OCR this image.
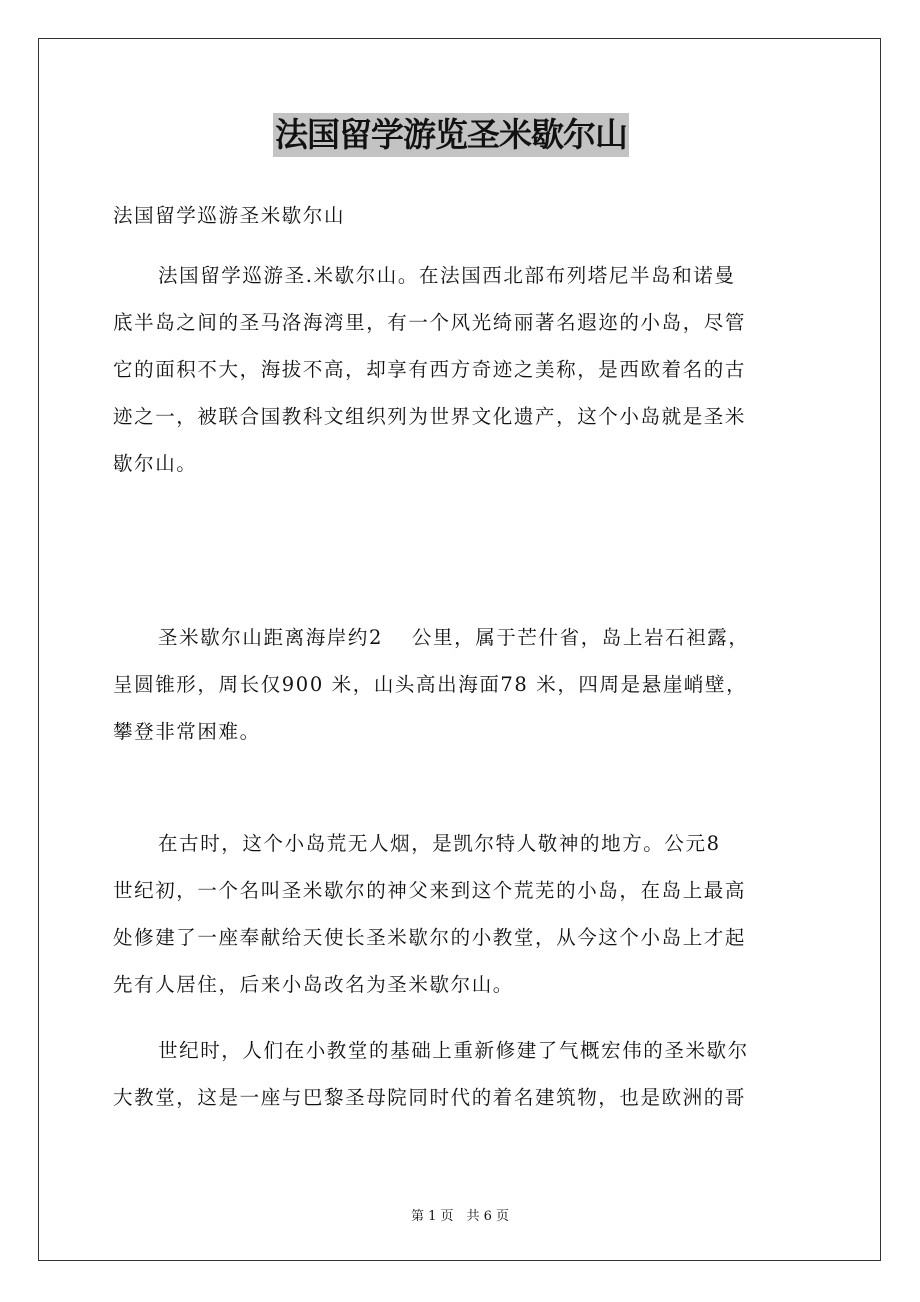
法国留学游览圣米歇尔山
法国留学巡游圣米歇尔山
法国留学巡游圣.米歇尔山。在法国西北部布列塔尼半岛和诺曼
底半岛之间的圣马洛海湾里，有一个风光绮丽著名遐迩的小岛，尽管
它的面积不大，海拔不高，却享有西方奇迹之美称，是西欧着名的古
迹之一，被联合国教科文组织列为世界文化遗产，这个小岛就是圣米
歇尔山。
圣米歇尔山距离海岸约2　 公里，属于芒什省，岛上岩石袒露，
呈圆锥形，周长仅900 米，山头高出海面78 米，四周是悬崖峭壁，
攀登非常困难。
在古时，这个小岛荒无人烟，是凯尔特人敬神的地方。公元8
世纪初，一个名叫圣米歇尔的神父来到这个荒芜的小岛，在岛上最高
处修建了一座奉献给天使长圣米歇尔的小教堂，从今这个小岛上才起
先有人居住，后来小岛改名为圣米歇尔山。
世纪时，人们在小教堂的基础上重新修建了气概宏伟的圣米歇尔
大教堂，这是一座与巴黎圣母院同时代的着名建筑物，也是欧洲的哥
第 1 页　共 6 页
